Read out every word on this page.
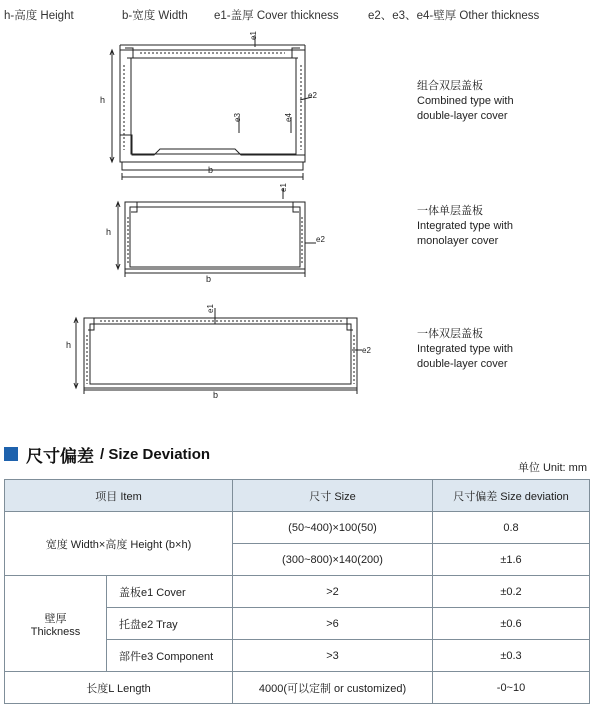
h-高度 Height	b-宽度 Width e1-盖厚 Cover thickness	e2、e3、e4-壁厚 Other thickness
h
b
e1
e2
e3	e4
组合双层盖板
Combined type with
double-layer cover
h
b
e1
e2
一体单层盖板
Integrated type with
monolayer cover
h
b
e1
e2
一体双层盖板
Integrated type with
double-layer cover
尺寸偏差 / Size Deviation
单位 Unit: mm
项目 Item		尺寸 Size	尺寸偏差 Size deviation
宽度 Width×高度 Height (b×h)		(50~400)×100(50)	0.8
		(300~800)×140(200)	±1.6

壁厚
Thickness	盖板e1 Cover	>2	±0.2
	托盘e2 Tray	>6	±0.6
	部件e3 Component	>3	±0.3
长度L Length		4000(可以定制 or customized)	-0~10
